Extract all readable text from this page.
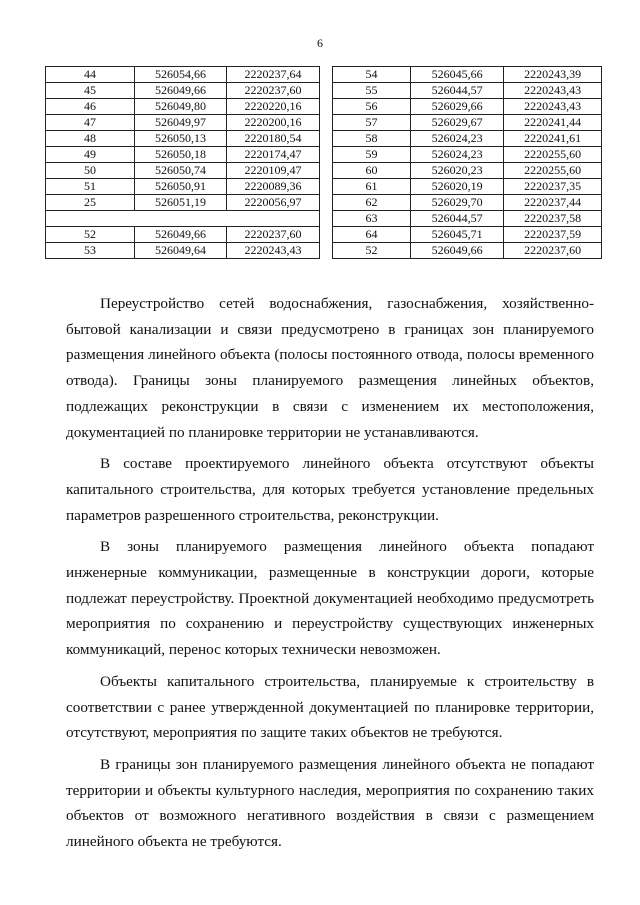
6
44	526054,66	2220237,64
45	526049,66	2220237,60
46	526049,80	2220220,16
47	526049,97	2220200,16
48	526050,13	2220180,54
49	526050,18	2220174,47
50	526050,74	2220109,47
51	526050,91	2220089,36
25	526051,19	2220056,97

52	526049,66	2220237,60
53	526049,64	2220243,43
54	526045,66	2220243,39
55	526044,57	2220243,43
56	526029,66	2220243,43
57	526029,67	2220241,44
58	526024,23	2220241,61
59	526024,23	2220255,60
60	526020,23	2220255,60
61	526020,19	2220237,35
62	526029,70	2220237,44
63	526044,57	2220237,58
64	526045,71	2220237,59
52	526049,66	2220237,60

Переустройство сетей водоснабжения, газоснабжения, хозяйственно-бытовой канализации и связи предусмотрено в границах зон планируемого размещения линейного объекта (полосы постоянного отвода, полосы временного отвода). Границы зоны планируемого размещения линейных объектов, подлежащих реконструкции в связи с изменением их местоположения, документацией по планировке территории не устанавливаются.

В составе проектируемого линейного объекта отсутствуют объекты капитального строительства, для которых требуется установление предельных параметров разрешенного строительства, реконструкции.

В зоны планируемого размещения линейного объекта попадают инженерные коммуникации, размещенные в конструкции дороги, которые подлежат переустройству. Проектной документацией необходимо предусмотреть мероприятия по сохранению и переустройству существующих инженерных коммуникаций, перенос которых технически невозможен.

Объекты капитального строительства, планируемые к строительству в соответствии с ранее утвержденной документацией по планировке территории, отсутствуют, мероприятия по защите таких объектов не требуются.

В границы зон планируемого размещения линейного объекта не попадают территории и объекты культурного наследия, мероприятия по сохранению таких объектов от возможного негативного воздействия в связи с размещением линейного объекта не требуются.
